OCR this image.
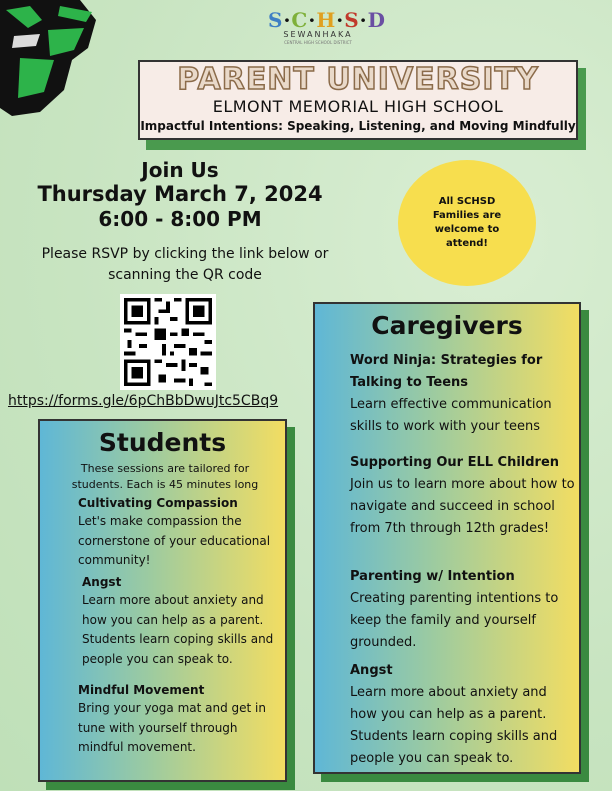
S·C·H·S·D
SEWANHAKA
CENTRAL HIGH SCHOOL DISTRICT
PARENT UNIVERSITY
ELMONT MEMORIAL HIGH SCHOOL
Impactful Intentions: Speaking, Listening, and Moving Mindfully
Join Us
Thursday March 7, 2024
6:00 - 8:00 PM
Please RSVP by clicking the link below or scanning the QR code
https://forms.gle/6pChBbDwuJtc5CBq9
All SCHSD Families are welcome to attend!
Caregivers
Word Ninja: Strategies for Talking to Teens
Learn effective communication skills to work with your teens
Supporting Our ELL Children
Join us to learn more about how to navigate and succeed in school from 7th through 12th grades!
Parenting w/ Intention
Creating parenting intentions to keep the family and yourself grounded.
Angst
Learn more about anxiety and how you can help as a parent. Students learn coping skills and people you can speak to.
Students
These sessions are tailored for students. Each is 45 minutes long
Cultivating Compassion
Let's make compassion the cornerstone of your educational community!
Angst
Learn more about anxiety and how you can help as a parent. Students learn coping skills and people you can speak to.
Mindful Movement
Bring your yoga mat and get in tune with yourself through mindful movement.
